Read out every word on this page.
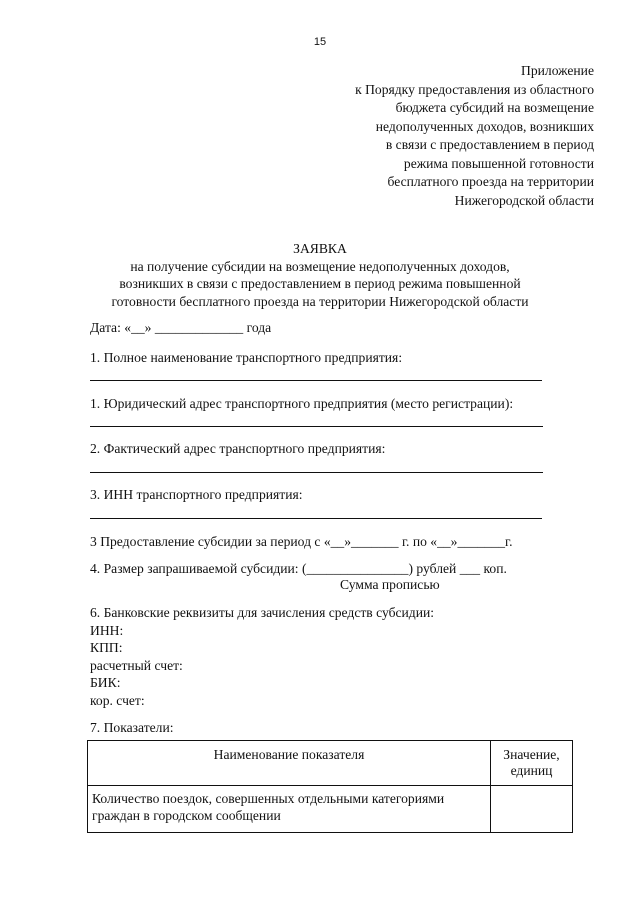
15
Приложение
к Порядку предоставления из областного
бюджета субсидий на возмещение
недополученных доходов, возникших
в связи с предоставлением в период
режима повышенной готовности
бесплатного проезда на территории
Нижегородской области
ЗАЯВКА
на получение субсидии на возмещение недополученных доходов,
возникших в связи с предоставлением в период режима повышенной
готовности бесплатного проезда на территории Нижегородской области
Дата: «__» _____________ года
1. Полное наименование транспортного предприятия:
1. Юридический адрес транспортного предприятия (место регистрации):
2. Фактический адрес транспортного предприятия:
3. ИНН транспортного предприятия:
3 Предоставление субсидии за период с «__»_______ г. по «__»_______г.
4. Размер запрашиваемой субсидии: (_______________) рублей ___ коп.
Сумма прописью
6. Банковские реквизиты для зачисления средств субсидии:
ИНН:
КПП:
расчетный счет:
БИК:
кор. счет:
7. Показатели:
Наименование показателя	Значение,
единиц
Количество поездок, совершенных отдельными категориями
граждан в городском сообщении	
